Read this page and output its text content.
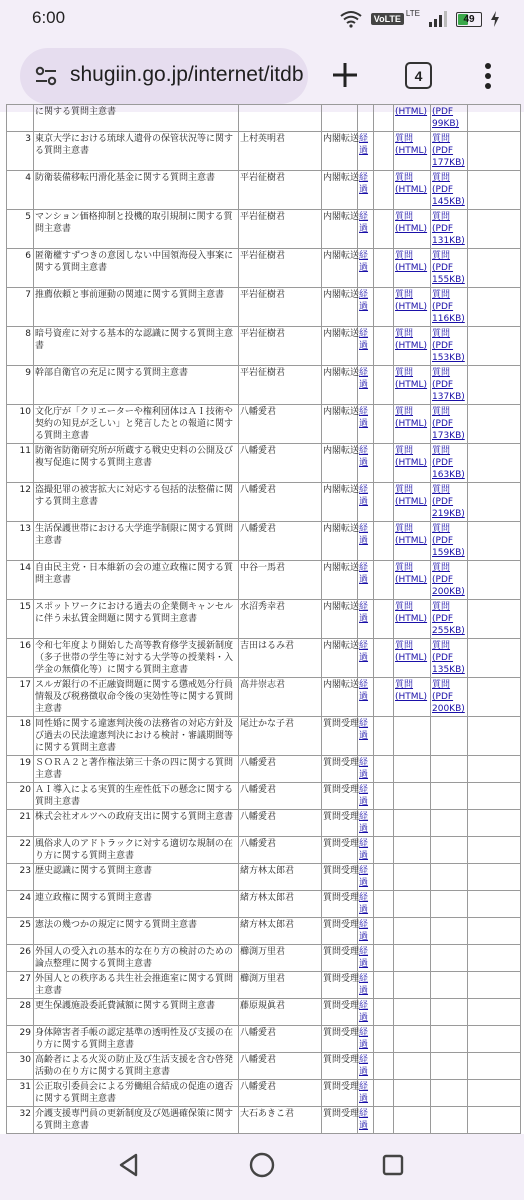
6:00	VoLTE
LTE
49
shugiin.go.jp/internet/itdb	4
	に関する質問主意書					(HTML)	(PDF
99KB)	

3	東京大学における琉球人遺骨の保管状況等に関する質問主意書	上村英明君	内閣転送	経過		質問(HTML)	質問
(PDF
177KB)	

4	防衛装備移転円滑化基金に関する質問主意書	平岩征樹君	内閣転送	経過		質問(HTML)	質問
(PDF
145KB)	

5	マンション価格抑制と投機的取引規制に関する質問主意書	平岩征樹君	内閣転送	経過		質問(HTML)	質問
(PDF
131KB)	

6	匿衛權すずつきの意図しない中国領海侵入事案に関する質問主意書	平岩征樹君	内閣転送	経過		質問(HTML)	質問
(PDF
155KB)	

7	推薦依頼と事前運動の関連に関する質問主意書	平岩征樹君	内閣転送	経過		質問(HTML)	質問
(PDF
116KB)	

8	暗号資産に対する基本的な認識に関する質問主意書	平岩征樹君	内閣転送	経過		質問(HTML)	質問
(PDF
153KB)	

9	幹部自衛官の充足に関する質問主意書	平岩征樹君	内閣転送	経過		質問(HTML)	質問
(PDF
137KB)	

10	文化庁が「クリエーターや権利団体はＡＩ技術や契約の知見が乏しい」と発言したとの報道に関する質問主意書	八幡愛君	内閣転送	経過		質問(HTML)	質問
(PDF
173KB)	

11	防衛省防衛研究所が所蔵する戦史史料の公開及び複写促進に関する質問主意書	八幡愛君	内閣転送	経過		質問(HTML)	質問
(PDF
163KB)	

12	盗撮犯罪の被害拡大に対応する包括的法整備に関する質問主意書	八幡愛君	内閣転送	経過		質問(HTML)	質問
(PDF
219KB)	

13	生活保護世帯における大学進学制限に関する質問主意書	八幡愛君	内閣転送	経過		質問(HTML)	質問
(PDF
159KB)	

14	自由民主党・日本維新の会の連立政権に関する質問主意書	中谷一馬君	内閣転送	経過		質問(HTML)	質問
(PDF
200KB)	

15	スポットワークにおける過去の企業側キャンセルに伴う未払賃金問題に関する質問主意書	水沼秀幸君	内閣転送	経過		質問(HTML)	質問
(PDF
255KB)	

16	令和七年度より開始した高等教育修学支援新制度（多子世帯の学生等に対する大学等の授業料・入学金の無償化等）に関する質問主意書	吉田はるみ君	内閣転送	経過		質問(HTML)	質問
(PDF
135KB)	

17	スルガ銀行の不正融資問題に関する懲戒処分行員情報及び税務徴収命令後の実効性等に関する質問主意書	高井崇志君	内閣転送	経過		質問(HTML)	質問
(PDF
200KB)	

18	同性婚に関する違憲判決後の法務省の対応方針及び過去の民法違憲判決における検討・審議期間等に関する質問主意書	尾辻かな子君	質問受理	経過				
19	ＳＯＲＡ２と著作権法第三十条の四に関する質問主意書	八幡愛君	質問受理	経過				
20	ＡＩ導入による実質的生産性低下の懸念に関する質問主意書	八幡愛君	質問受理	経過				
21	株式会社オルツへの政府支出に関する質問主意書	八幡愛君	質問受理	経過				
22	風俗求人のアドトラックに対する適切な規制の在り方に関する質問主意書	八幡愛君	質問受理	経過				
23	歴史認識に関する質問主意書	緒方林太郎君	質問受理	経過				
24	連立政権に関する質問主意書	緒方林太郎君	質問受理	経過				
25	憲法の幾つかの規定に関する質問主意書	緒方林太郎君	質問受理	経過				
26	外国人の受入れの基本的な在り方の検討のための論点整理に関する質問主意書	櫛渕万里君	質問受理	経過				
27	外国人との秩序ある共生社会推進室に関する質問主意書	櫛渕万里君	質問受理	経過				
28	更生保護施設委託費減額に関する質問主意書	藤原規眞君	質問受理	経過				
29	身体障害者手帳の認定基準の透明性及び支援の在り方に関する質問主意書	八幡愛君	質問受理	経過				
30	高齢者による火災の防止及び生活支援を含む啓発活動の在り方に関する質問主意書	八幡愛君	質問受理	経過				
31	公正取引委員会による労働組合結成の促進の適否に関する質問主意書	八幡愛君	質問受理	経過				
32	介護支援専門員の更新制度及び処遇確保策に関する質問主意書	大石あきこ君	質問受理	経過				
